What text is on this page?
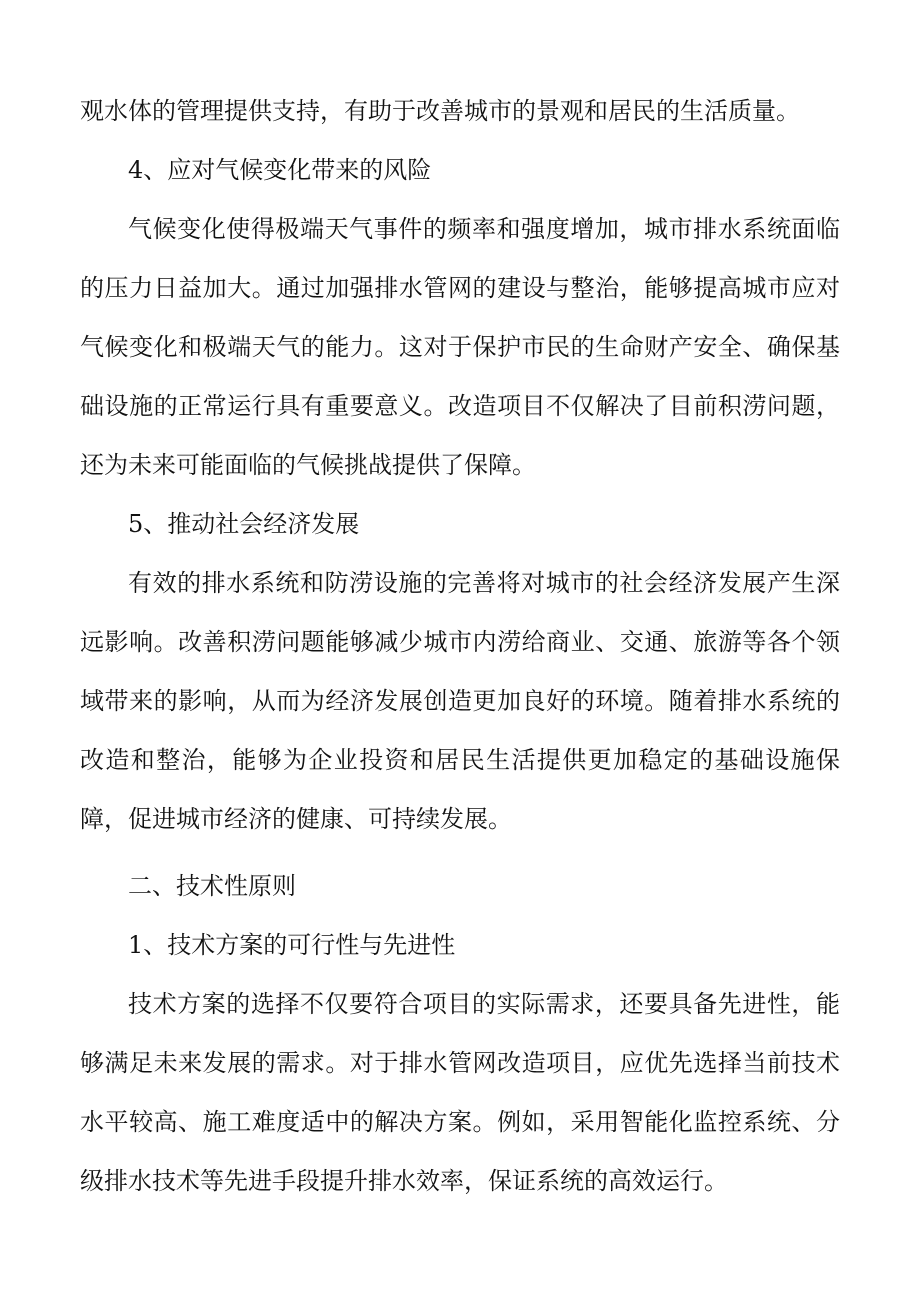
观水体的管理提供支持，有助于改善城市的景观和居民的生活质量。

4、应对气候变化带来的风险

气候变化使得极端天气事件的频率和强度增加，城市排水系统面临的压力日益加大。通过加强排水管网的建设与整治，能够提高城市应对气候变化和极端天气的能力。这对于保护市民的生命财产安全、确保基础设施的正常运行具有重要意义。改造项目不仅解决了目前积涝问题，还为未来可能面临的气候挑战提供了保障。

5、推动社会经济发展

有效的排水系统和防涝设施的完善将对城市的社会经济发展产生深远影响。改善积涝问题能够减少城市内涝给商业、交通、旅游等各个领域带来的影响，从而为经济发展创造更加良好的环境。随着排水系统的改造和整治，能够为企业投资和居民生活提供更加稳定的基础设施保障，促进城市经济的健康、可持续发展。

二、技术性原则

1、技术方案的可行性与先进性

技术方案的选择不仅要符合项目的实际需求，还要具备先进性，能够满足未来发展的需求。对于排水管网改造项目，应优先选择当前技术水平较高、施工难度适中的解决方案。例如，采用智能化监控系统、分级排水技术等先进手段提升排水效率，保证系统的高效运行。
